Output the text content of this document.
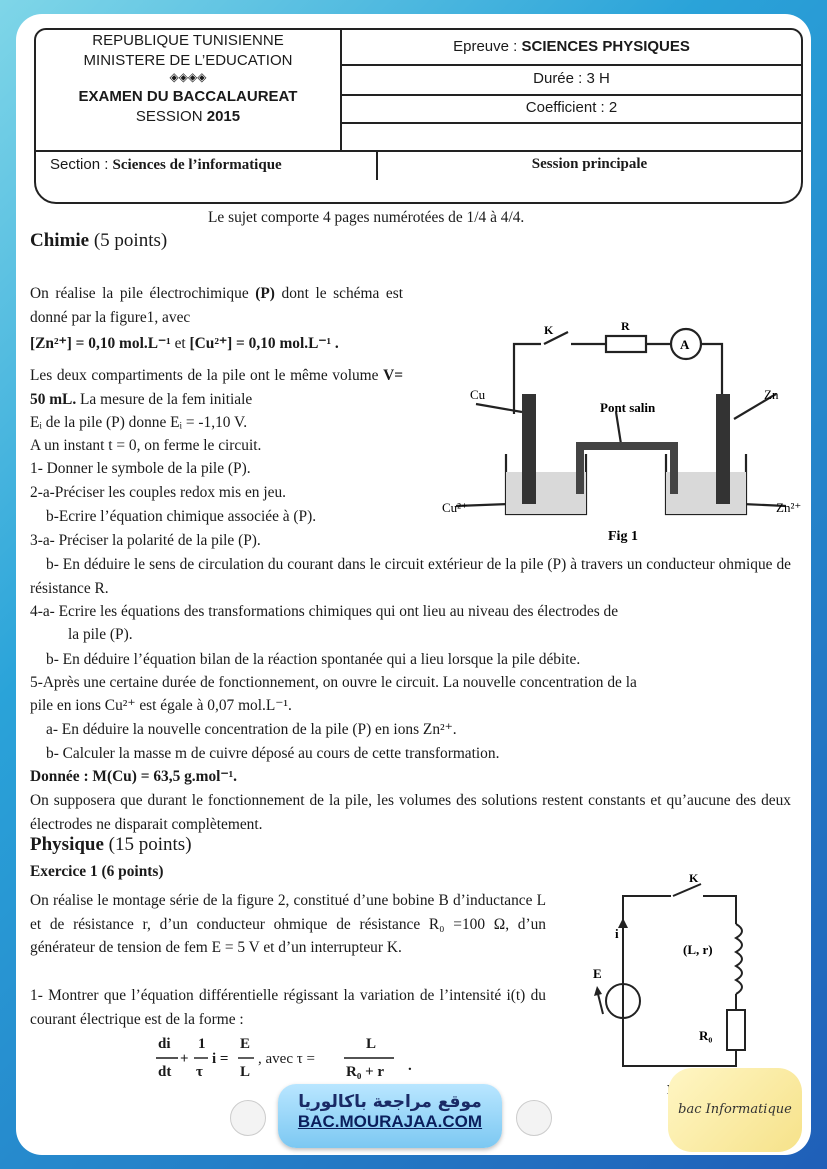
REPUBLIQUE TUNISIENNE
MINISTERE DE L’EDUCATION
◈◈◈◈
EXAMEN DU BACCALAUREAT
SESSION 2015
Epreuve : SCIENCES PHYSIQUES
Durée : 3 H
Coefficient : 2
Section : Sciences de l’informatique	Session principale
Le sujet comporte 4 pages numérotées de 1/4 à 4/4.
Chimie (5 points)
On réalise la pile électrochimique (P) dont le schéma est donné par la figure1, avec
[Zn²⁺] = 0,10 mol.L⁻¹ et [Cu²⁺] = 0,10 mol.L⁻¹ .
Les deux compartiments de la pile ont le même volume V= 50 mL. La mesure de la fem initiale
Eᵢ de la pile (P) donne Eᵢ = -1,10 V.
A un instant t = 0, on ferme le circuit.
1- Donner le symbole de la pile (P).
2-a-Préciser les couples redox mis en jeu.
b-Ecrire l’équation chimique associée à (P).
3-a- Préciser la polarité de la pile (P).
b- En déduire le sens de circulation du courant dans le circuit extérieur de la pile (P) à travers un conducteur ohmique de résistance R.
4-a- Ecrire les équations des transformations chimiques qui ont lieu au niveau des électrodes de
la pile (P).
b- En déduire l’équation bilan de la réaction spontanée qui a lieu lorsque la pile débite.
5-Après une certaine durée de fonctionnement, on ouvre le circuit. La nouvelle concentration de la
pile en ions Cu²⁺ est égale à 0,07 mol.L⁻¹.
a- En déduire la nouvelle concentration de la pile (P) en ions Zn²⁺.
b- Calculer la masse m de cuivre déposé au cours de cette transformation.
Donnée : M(Cu) = 63,5 g.mol⁻¹.
On supposera que durant le fonctionnement de la pile, les volumes des solutions restent constants et qu’aucune des deux électrodes ne disparait complètement.
K	R
A
Cu	Zn
Pont salin
Cu²⁺	Zn²⁺
Fig 1
Physique (15 points)
Exercice 1 (6 points)
On réalise le montage série de la figure 2, constitué d’une bobine B d’inductance L et de résistance r, d’un conducteur ohmique de résistance R₀ =100 Ω, d’un générateur de tension de fem E = 5 V et d’un interrupteur K.
1- Montrer que l’équation différentielle régissant la variation de l’intensité i(t) du courant électrique est de la forme :
di
dt
+
1
τ
i =
E
L
, avec τ =
L
R₀ + r .
K
i
(L, r)
E
R₀
موقع مراجعة باكالوريا
BAC.MOURAJAA.COM
bac Informatique
